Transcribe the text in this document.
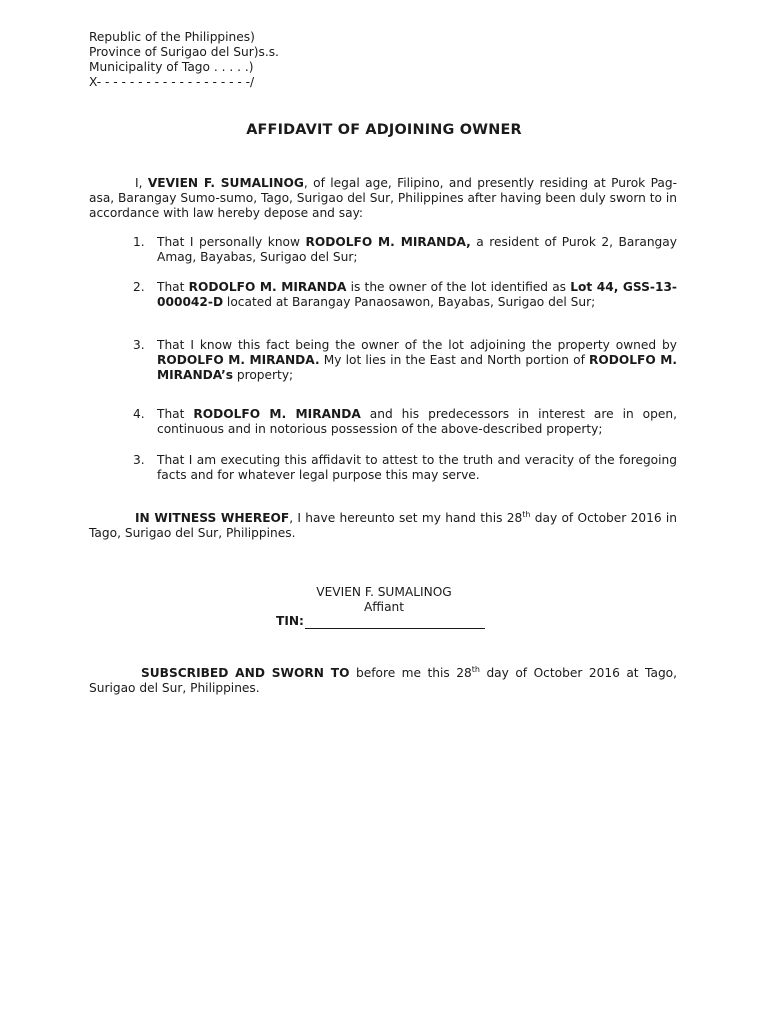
Republic of the Philippines)
Province of Surigao del Sur)s.s.
Municipality of Tago . . . . .)
X- - - - - - - - - - - - - - - - - - -/
AFFIDAVIT OF ADJOINING OWNER
I, VEVIEN F. SUMALINOG, of legal age, Filipino, and presently residing at Purok Pag-asa, Barangay Sumo-sumo, Tago, Surigao del Sur, Philippines after having been duly sworn to in accordance with law hereby depose and say:
1.	That I personally know RODOLFO M. MIRANDA, a resident of Purok 2, Barangay Amag, Bayabas, Surigao del Sur;
2.	That RODOLFO M. MIRANDA is the owner of the lot identified as Lot 44, GSS-13-000042-D located at Barangay Panaosawon, Bayabas, Surigao del Sur;
3.	That I know this fact being the owner of the lot adjoining the property owned by RODOLFO M. MIRANDA. My lot lies in the East and North portion of RODOLFO M. MIRANDA’s property;
4.	That RODOLFO M. MIRANDA and his predecessors in interest are in open, continuous and in notorious possession of the above-described property;
3.	That I am executing this affidavit to attest to the truth and veracity of the foregoing facts and for whatever legal purpose this may serve.
IN WITNESS WHEREOF, I have hereunto set my hand this 28th day of October 2016 in Tago, Surigao del Sur, Philippines.
VEVIEN F. SUMALINOG
Affiant
TIN:
SUBSCRIBED AND SWORN TO before me this 28th day of October 2016 at Tago, Surigao del Sur, Philippines.
